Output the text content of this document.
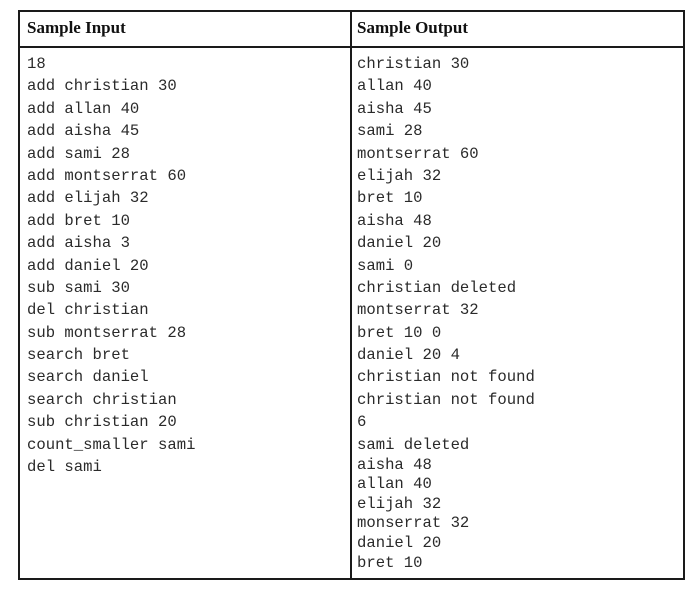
Sample Input	Sample Output
18
add christian 30
add allan 40
add aisha 45
add sami 28
add montserrat 60
add elijah 32
add bret 10
add aisha 3
add daniel 20
sub sami 30
del christian
sub montserrat 28
search bret
search daniel
search christian
sub christian 20
count_smaller sami
del sami
christian 30
allan 40
aisha 45
sami 28
montserrat 60
elijah 32
bret 10
aisha 48
daniel 20
sami 0
christian deleted
montserrat 32
bret 10 0
daniel 20 4
christian not found
christian not found
6
sami deleted
aisha 48
allan 40
elijah 32
monserrat 32
daniel 20
bret 10
